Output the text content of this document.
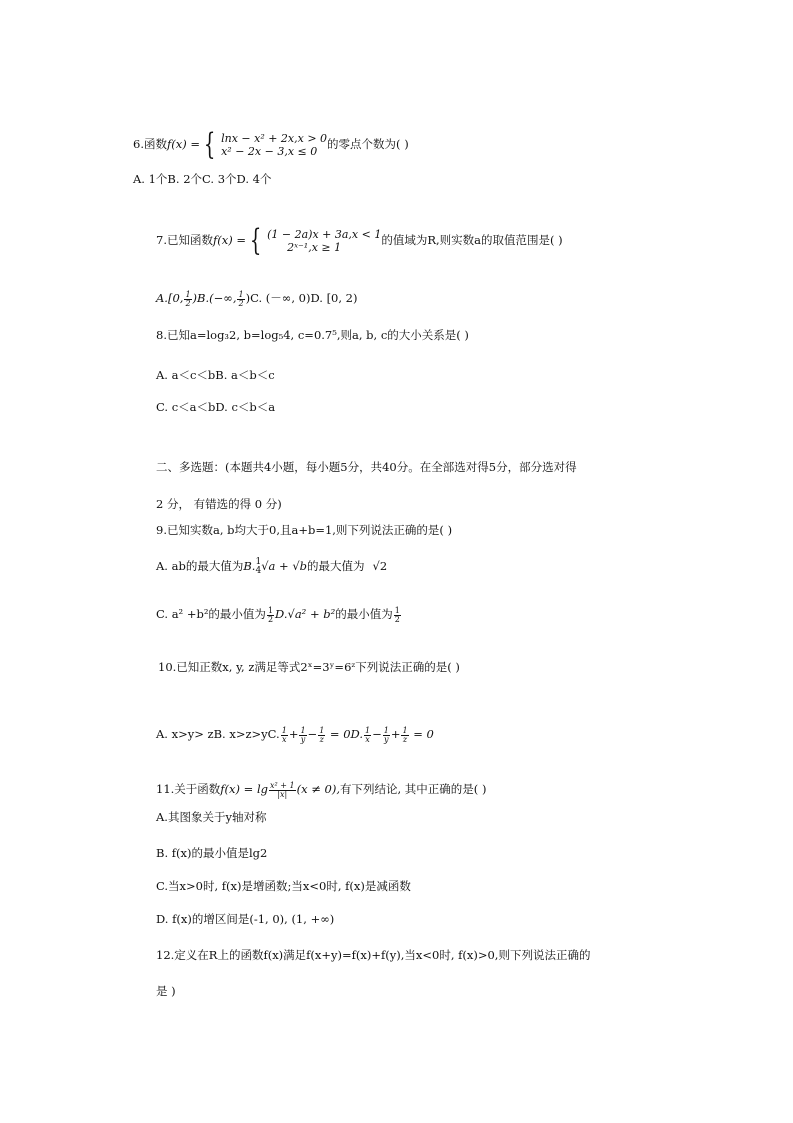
6.函数f(x) = { lnx − x² + 2x,x > 0
x² − 2x − 3,x ≤ 0的零点个数为( )
A. 1个B. 2个C. 3个D. 4个
7.已知函数f(x) = { (1 − 2a)x + 3a,x < 1
2ˣ⁻¹,x ≥ 1的值域为R,则实数a的取值范围是( )
A.[0, $\frac{1}{2} )B.(-\infty$, $\frac{1}{2} )C$. (－∞, 0)D. [0, 2)
8.已知a=log₃2, b=log₅4, c=0.7⁵,则a, b, c的大小关系是( )
A. a＜c＜bB. a＜b＜c
C. c＜a＜bD. c＜b＜a
二、多选题：(本题共4小题，每小题5分，共40分。在全部选对得5分，部分选对得
2 分， 有错选的得 0 分)
9.已知实数a, b均大于0,且a+b=1,则下列说法正确的是( )
A. ab的最大值为B.1
4√a + √b的最大值为 √2
C. a² +b²的最小值为 $\frac{1}{2} D.√a^2 + b^2$的最小值为 $\frac{1}{2}$
10.已知正数x, y, z满足等式2ˣ=3ʸ=6ᶻ下列说法正确的是( )
A. x>y> zB. x>z>yC. $\frac{1}{x} + \frac{1}{y} - \frac{1}{z} = 0D$. $\frac{1}{x} - \frac{1}{y} + \frac{1}{z} = 0$
11.关于函数$f(x) = \lg \frac{\text{x² + 1}}{|x|} (x \ne 0)$,有下列结论, 其中正确的是( )
A.其图象关于y轴对称
B. f(x)的最小值是lg2
C.当x>0时, f(x)是增函数;当x<0时, f(x)是减函数
D. f(x)的增区间是(-1, 0), (1, +∞)
12.定义在R上的函数f(x)满足f(x+y)=f(x)+f(y),当x<0时, f(x)>0,则下列说法正确的
是 )
